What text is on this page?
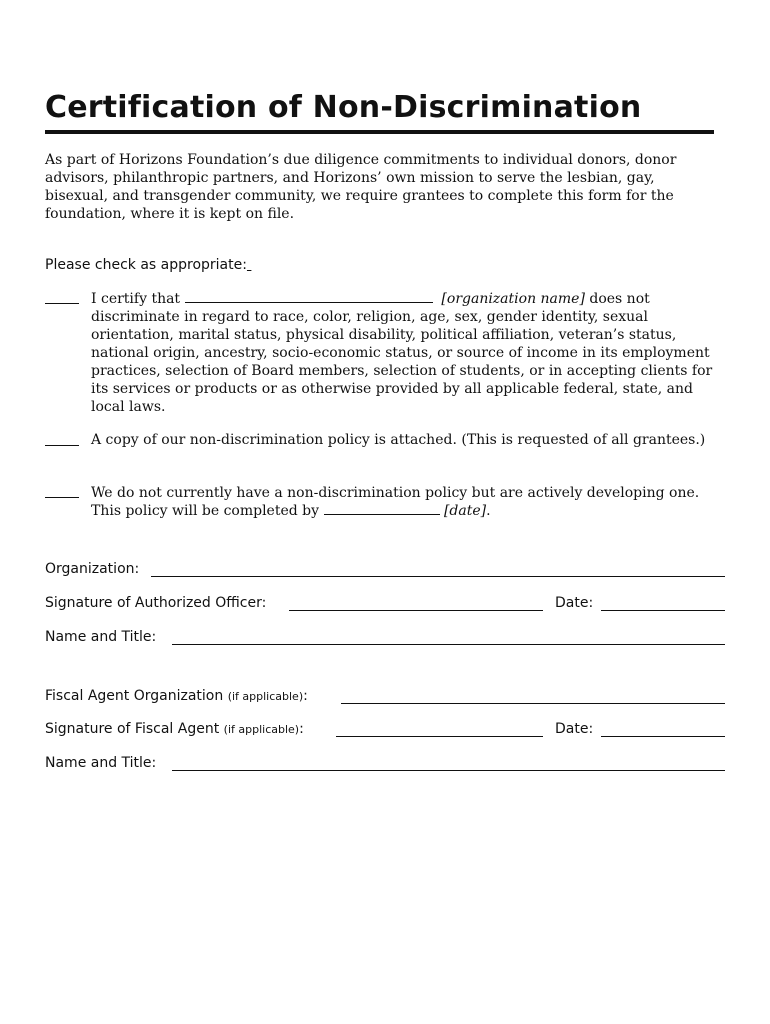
Certification of Non-Discrimination

As part of Horizons Foundation’s due diligence commitments to individual donors, donor advisors, philanthropic partners, and Horizons’ own mission to serve the lesbian, gay, bisexual, and transgender community, we require grantees to complete this form for the foundation, where it is kept on file.

Please check as appropriate:

I certify that	[organization name] does not discriminate in regard to race, color, religion, age, sex, gender identity, sexual orientation, marital status, physical disability, political affiliation, veteran’s status, national origin, ancestry, socio-economic status, or source of income in its employment practices, selection of Board members, selection of students, or in accepting clients for its services or products or as otherwise provided by all applicable federal, state, and local laws.

A copy of our non-discrimination policy is attached. (This is requested of all grantees.)

We do not currently have a non-discrimination policy but are actively developing one. This policy will be completed by	[date].

Organization:
Signature of Authorized Officer:	Date:
Name and Title:
Fiscal Agent Organization (if applicable):
Signature of Fiscal Agent (if applicable):	Date:
Name and Title:
